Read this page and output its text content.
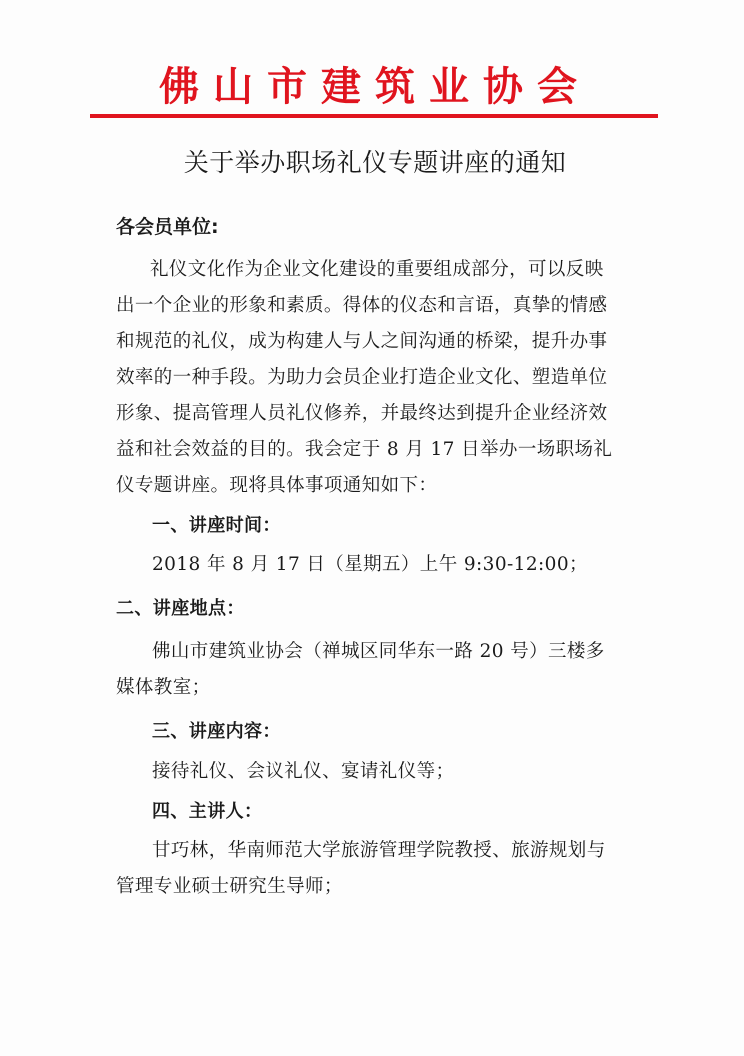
佛山市建筑业协会
关于举办职场礼仪专题讲座的通知
各会员单位:
礼仪文化作为企业文化建设的重要组成部分，可以反映
出一个企业的形象和素质。得体的仪态和言语，真挚的情感
和规范的礼仪，成为构建人与人之间沟通的桥梁，提升办事
效率的一种手段。为助力会员企业打造企业文化、塑造单位
形象、提高管理人员礼仪修养，并最终达到提升企业经济效
益和社会效益的目的。我会定于 8 月 17 日举办一场职场礼
仪专题讲座。现将具体事项通知如下：
一、讲座时间：
2018 年 8 月 17 日（星期五）上午 9:30-12:00；
二、讲座地点：
佛山市建筑业协会（禅城区同华东一路 20 号）三楼多
媒体教室；
三、讲座内容：
接待礼仪、会议礼仪、宴请礼仪等；
四、主讲人：
甘巧林，华南师范大学旅游管理学院教授、旅游规划与
管理专业硕士研究生导师；
